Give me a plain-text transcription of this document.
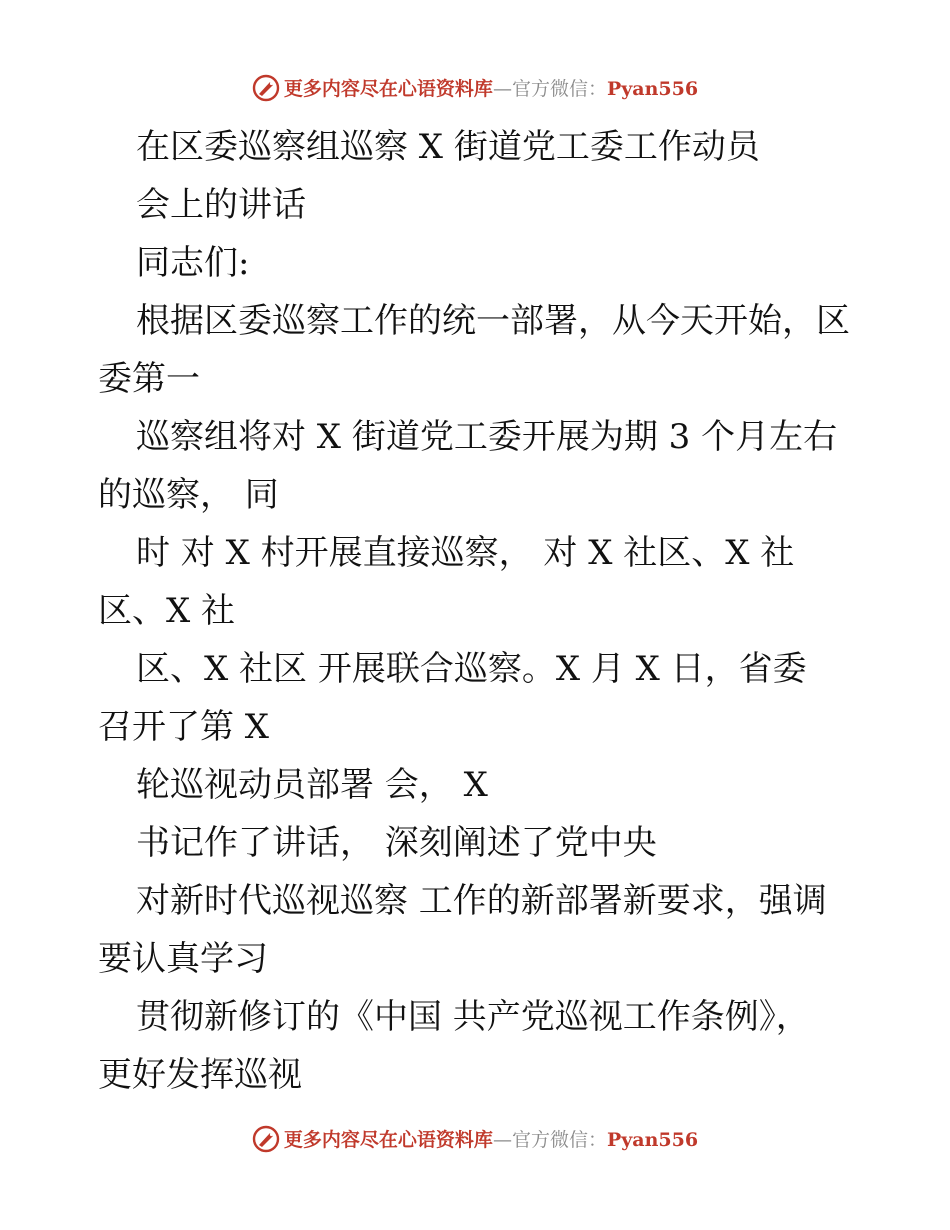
更多内容尽在心语资料库—官方微信：Pyan556
在区委巡察组巡察 X 街道党工委工作动员
会上的讲话
同志们:
根据区委巡察工作的统一部署，从今天开始，区
委第一
巡察组将对 X 街道党工委开展为期 3 个月左右
的巡察， 同
时 对 X 村开展直接巡察， 对 X 社区、X 社
区、X 社
区、X 社区 开展联合巡察。X 月 X 日，省委
召开了第 X
轮巡视动员部署 会， X
书记作了讲话， 深刻阐述了党中央
对新时代巡视巡察 工作的新部署新要求，强调
要认真学习
贯彻新修订的《中国 共产党巡视工作条例》，
更好发挥巡视
更多内容尽在心语资料库—官方微信：Pyan556
